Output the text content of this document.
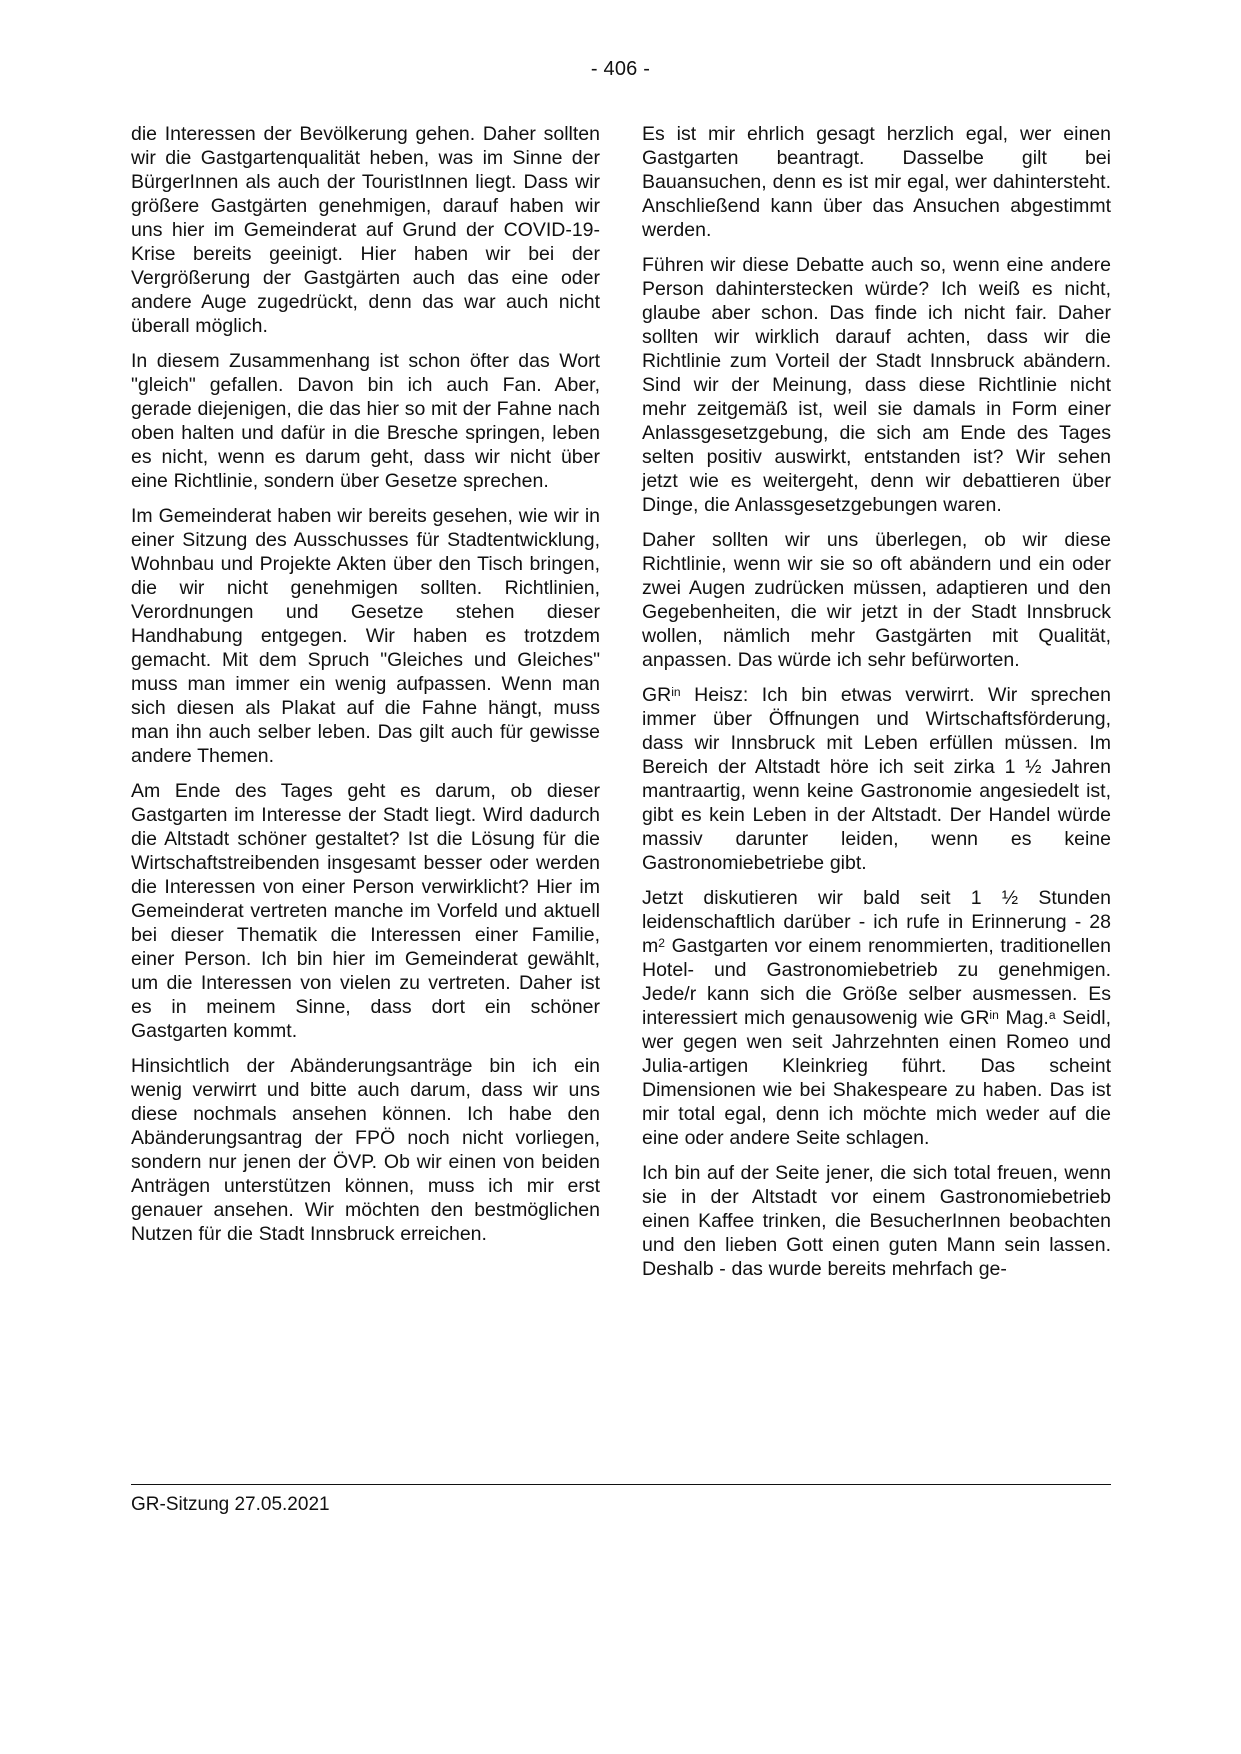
- 406 -

die Interessen der Bevölkerung gehen. Daher sollten wir die Gastgartenqualität heben, was im Sinne der BürgerInnen als auch der TouristInnen liegt. Dass wir größere Gastgärten genehmigen, darauf haben wir uns hier im Gemeinderat auf Grund der COVID-19-Krise bereits geeinigt. Hier haben wir bei der Vergrößerung der Gastgärten auch das eine oder andere Auge zugedrückt, denn das war auch nicht überall möglich.

In diesem Zusammenhang ist schon öfter das Wort "gleich" gefallen. Davon bin ich auch Fan. Aber, gerade diejenigen, die das hier so mit der Fahne nach oben halten und dafür in die Bresche springen, leben es nicht, wenn es darum geht, dass wir nicht über eine Richtlinie, sondern über Gesetze sprechen.

Im Gemeinderat haben wir bereits gesehen, wie wir in einer Sitzung des Ausschusses für Stadtentwicklung, Wohnbau und Projekte Akten über den Tisch bringen, die wir nicht genehmigen sollten. Richtlinien, Verordnungen und Gesetze stehen dieser Handhabung entgegen. Wir haben es trotzdem gemacht. Mit dem Spruch "Gleiches und Gleiches" muss man immer ein wenig aufpassen. Wenn man sich diesen als Plakat auf die Fahne hängt, muss man ihn auch selber leben. Das gilt auch für gewisse andere Themen.

Am Ende des Tages geht es darum, ob dieser Gastgarten im Interesse der Stadt liegt. Wird dadurch die Altstadt schöner gestaltet? Ist die Lösung für die Wirtschaftstreibenden insgesamt besser oder werden die Interessen von einer Person verwirklicht? Hier im Gemeinderat vertreten manche im Vorfeld und aktuell bei dieser Thematik die Interessen einer Familie, einer Person. Ich bin hier im Gemeinderat gewählt, um die Interessen von vielen zu vertreten. Daher ist es in meinem Sinne, dass dort ein schöner Gastgarten kommt.

Hinsichtlich der Abänderungsanträge bin ich ein wenig verwirrt und bitte auch darum, dass wir uns diese nochmals ansehen können. Ich habe den Abänderungsantrag der FPÖ noch nicht vorliegen, sondern nur jenen der ÖVP. Ob wir einen von beiden Anträgen unterstützen können, muss ich mir erst genauer ansehen. Wir möchten den bestmöglichen Nutzen für die Stadt Innsbruck erreichen.

Es ist mir ehrlich gesagt herzlich egal, wer einen Gastgarten beantragt. Dasselbe gilt bei Bauansuchen, denn es ist mir egal, wer dahintersteht. Anschließend kann über das Ansuchen abgestimmt werden.

Führen wir diese Debatte auch so, wenn eine andere Person dahinterstecken würde? Ich weiß es nicht, glaube aber schon. Das finde ich nicht fair. Daher sollten wir wirklich darauf achten, dass wir die Richtlinie zum Vorteil der Stadt Innsbruck abändern. Sind wir der Meinung, dass diese Richtlinie nicht mehr zeitgemäß ist, weil sie damals in Form einer Anlassgesetzgebung, die sich am Ende des Tages selten positiv auswirkt, entstanden ist? Wir sehen jetzt wie es weitergeht, denn wir debattieren über Dinge, die Anlassgesetzgebungen waren.

Daher sollten wir uns überlegen, ob wir diese Richtlinie, wenn wir sie so oft abändern und ein oder zwei Augen zudrücken müssen, adaptieren und den Gegebenheiten, die wir jetzt in der Stadt Innsbruck wollen, nämlich mehr Gastgärten mit Qualität, anpassen. Das würde ich sehr befürworten.

$GR^{in}$ Heisz: Ich bin etwas verwirrt. Wir sprechen immer über Öffnungen und Wirtschaftsförderung, dass wir Innsbruck mit Leben erfüllen müssen. Im Bereich der Altstadt höre ich seit zirka 1 ½ Jahren mantraartig, wenn keine Gastronomie angesiedelt ist, gibt es kein Leben in der Altstadt. Der Handel würde massiv darunter leiden, wenn es keine Gastronomiebetriebe gibt.

Jetzt diskutieren wir bald seit 1 ½ Stunden leidenschaftlich darüber - ich rufe in Erinnerung - 28 $m^2$ Gastgarten vor einem renommierten, traditionellen Hotel- und Gastronomiebetrieb zu genehmigen. Jede/r kann sich die Größe selber ausmessen. Es interessiert mich genausowenig wie $GR^{in}$ Mag.$^a$ Seidl, wer gegen wen seit Jahrzehnten einen Romeo und Julia-artigen Kleinkrieg führt. Das scheint Dimensionen wie bei Shakespeare zu haben. Das ist mir total egal, denn ich möchte mich weder auf die eine oder andere Seite schlagen.

Ich bin auf der Seite jener, die sich total freuen, wenn sie in der Altstadt vor einem Gastronomiebetrieb einen Kaffee trinken, die BesucherInnen beobachten und den lieben Gott einen guten Mann sein lassen. Deshalb - das wurde bereits mehrfach ge-

GR-Sitzung 27.05.2021
